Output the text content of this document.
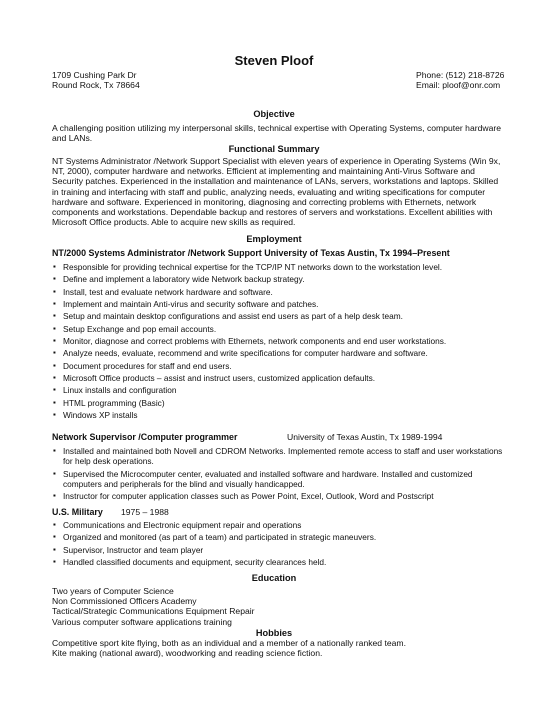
Steven Ploof
1709 Cushing Park Dr
Round Rock, Tx 78664
Phone: (512) 218-8726
Email: ploof@onr.com
Objective
A challenging position utilizing my interpersonal skills, technical expertise with Operating Systems, computer hardware and LANs.
Functional Summary
NT Systems Administrator /Network Support Specialist with eleven years of experience in Operating Systems (Win 9x, NT, 2000), computer hardware and networks. Efficient at implementing and maintaining Anti-Virus Software and Security patches. Experienced in the installation and maintenance of LANs, servers, workstations and laptops. Skilled in training and interfacing with staff and public, analyzing needs, evaluating and writing specifications for computer hardware and software. Experienced in monitoring, diagnosing and correcting problems with Ethernets, network components and workstations. Dependable backup and restores of servers and workstations. Excellent abilities with Microsoft Office products. Able to acquire new skills as required.
Employment
NT/2000 Systems Administrator /Network Support University of Texas Austin, Tx 1994–Present
▪ Responsible for providing technical expertise for the TCP/IP NT networks down to the workstation level.
▪ Define and implement a laboratory wide Network backup strategy.
▪ Install, test and evaluate network hardware and software.
▪ Implement and maintain Anti-virus and security software and patches.
▪ Setup and maintain desktop configurations and assist end users as part of a help desk team.
▪ Setup Exchange and pop email accounts.
▪ Monitor, diagnose and correct problems with Ethernets, network components and end user workstations.
▪ Analyze needs, evaluate, recommend and write specifications for computer hardware and software.
▪ Document procedures for staff and end users.
▪ Microsoft Office products – assist and instruct users, customized application defaults.
▪ Linux installs and configuration
▪ HTML programming (Basic)
▪ Windows XP installs
Network Supervisor /Computer programmer	University of Texas Austin, Tx 1989-1994
▪ Installed and maintained both Novell and CDROM Networks. Implemented remote access to staff and user workstations for help desk operations.
▪ Supervised the Microcomputer center, evaluated and installed software and hardware. Installed and customized computers and peripherals for the blind and visually handicapped.
▪ Instructor for computer application classes such as Power Point, Excel, Outlook, Word and Postscript
U.S. Military 1975 – 1988
▪ Communications and Electronic equipment repair and operations
▪ Organized and monitored (as part of a team) and participated in strategic maneuvers.
▪ Supervisor, Instructor and team player
▪ Handled classified documents and equipment, security clearances held.
Education
Two years of Computer Science
Non Commissioned Officers Academy
Tactical/Strategic Communications Equipment Repair
Various computer software applications training
Hobbies
Competitive sport kite flying, both as an individual and a member of a nationally ranked team.
Kite making (national award), woodworking and reading science fiction.
